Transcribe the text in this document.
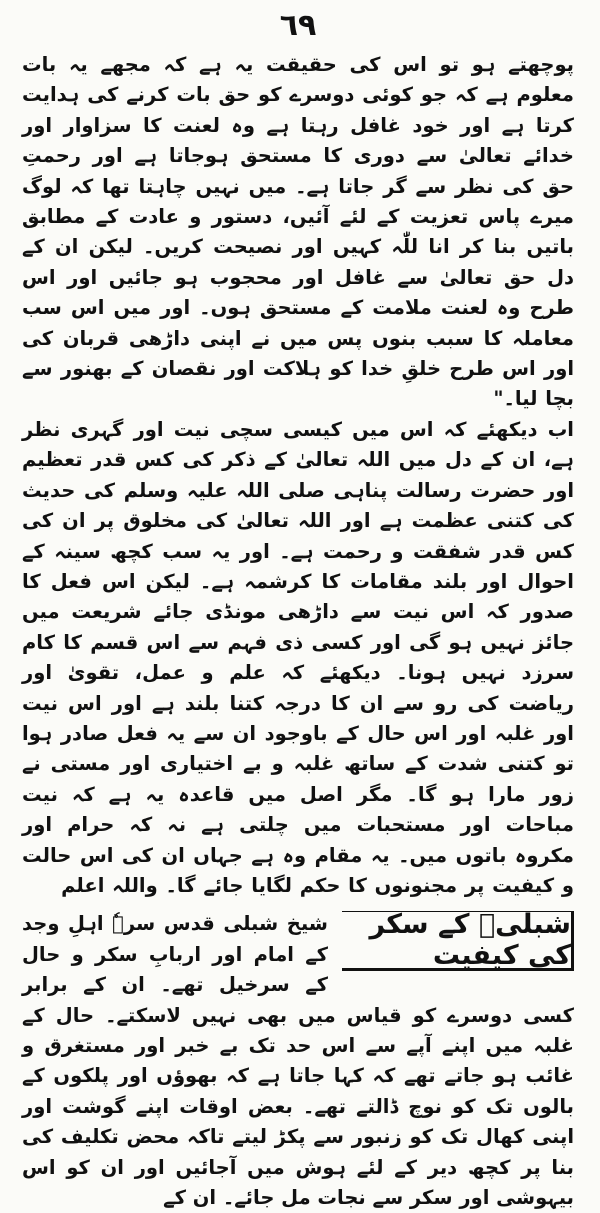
٦٩

پوچھتے ہو تو اس کی حقیقت یہ ہے کہ مجھے یہ بات معلوم ہے کہ جو کوئی دوسرے کو حق بات کرنے کی ہدایت کرتا ہے اور خود غافل رہتا ہے وہ لعنت کا سزاوار اور خدائے تعالیٰ سے دوری کا مستحق ہوجاتا ہے اور رحمتِ حق کی نظر سے گر جاتا ہے۔ میں نہیں چاہتا تھا کہ لوگ میرے پاس تعزیت کے لئے آئیں، دستور و عادت کے مطابق باتیں بنا کر انا للّٰہ کہیں اور نصیحت کریں۔ لیکن ان کے دل حق تعالیٰ سے غافل اور محجوب ہو جائیں اور اس طرح وہ لعنت ملامت کے مستحق ہوں۔ اور میں اس سب معاملہ کا سبب بنوں پس میں نے اپنی داڑھی قربان کی اور اس طرح خلقِ خدا کو ہلاکت اور نقصان کے بھنور سے بچا لیا۔"

اب دیکھئے کہ اس میں کیسی سچی نیت اور گہری نظر ہے، ان کے دل میں اللہ تعالیٰ کے ذکر کی کس قدر تعظیم اور حضرت رسالت پناہی صلی اللہ علیہ وسلم کی حدیث کی کتنی عظمت ہے اور اللہ تعالیٰ کی مخلوق پر ان کی کس قدر شفقت و رحمت ہے۔ اور یہ سب کچھ سینہ کے احوال اور بلند مقامات کا کرشمہ ہے۔ لیکن اس فعل کا صدور کہ اس نیت سے داڑھی مونڈی جائے شریعت میں جائز نہیں ہو گی اور کسی ذی فہم سے اس قسم کا کام سرزد نہیں ہونا۔ دیکھئے کہ علم و عمل، تقویٰ اور ریاضت کی رو سے ان کا درجہ کتنا بلند ہے اور اس نیت اور غلبہ اور اس حال کے باوجود ان سے یہ فعل صادر ہوا تو کتنی شدت کے ساتھ غلبہ و بے اختیاری اور مستی نے زور مارا ہو گا۔ مگر اصل میں قاعدہ یہ ہے کہ نیت مباحات اور مستحبات میں چلتی ہے نہ کہ حرام اور مکروہ باتوں میں۔ یہ مقام وہ ہے جہاں ان کی اس حالت و کیفیت پر مجنونوں کا حکم لگایا جائے گا۔ واللہ اعلم

شبلیؒ کے سکر کی کیفیت

شیخ شبلی قدس سرہٗ اہلِ وجد کے امام اور اربابِ سکر و حال کے سرخیل تھے۔ ان کے برابر کسی دوسرے کو قیاس میں بھی نہیں لاسکتے۔ حال کے غلبہ میں اپنے آپے سے اس حد تک بے خبر اور مستغرق و غائب ہو جاتے تھے کہ کہا جاتا ہے کہ بھوؤں اور پلکوں کے بالوں تک کو نوچ ڈالتے تھے۔ بعض اوقات اپنے گوشت اور اپنی کھال تک کو زنبور سے پکڑ لیتے تاکہ محض تکلیف کی بنا پر کچھ دیر کے لئے ہوش میں آجائیں اور ان کو اس بیہوشی اور سکر سے نجات مل جائے۔ ان کے
